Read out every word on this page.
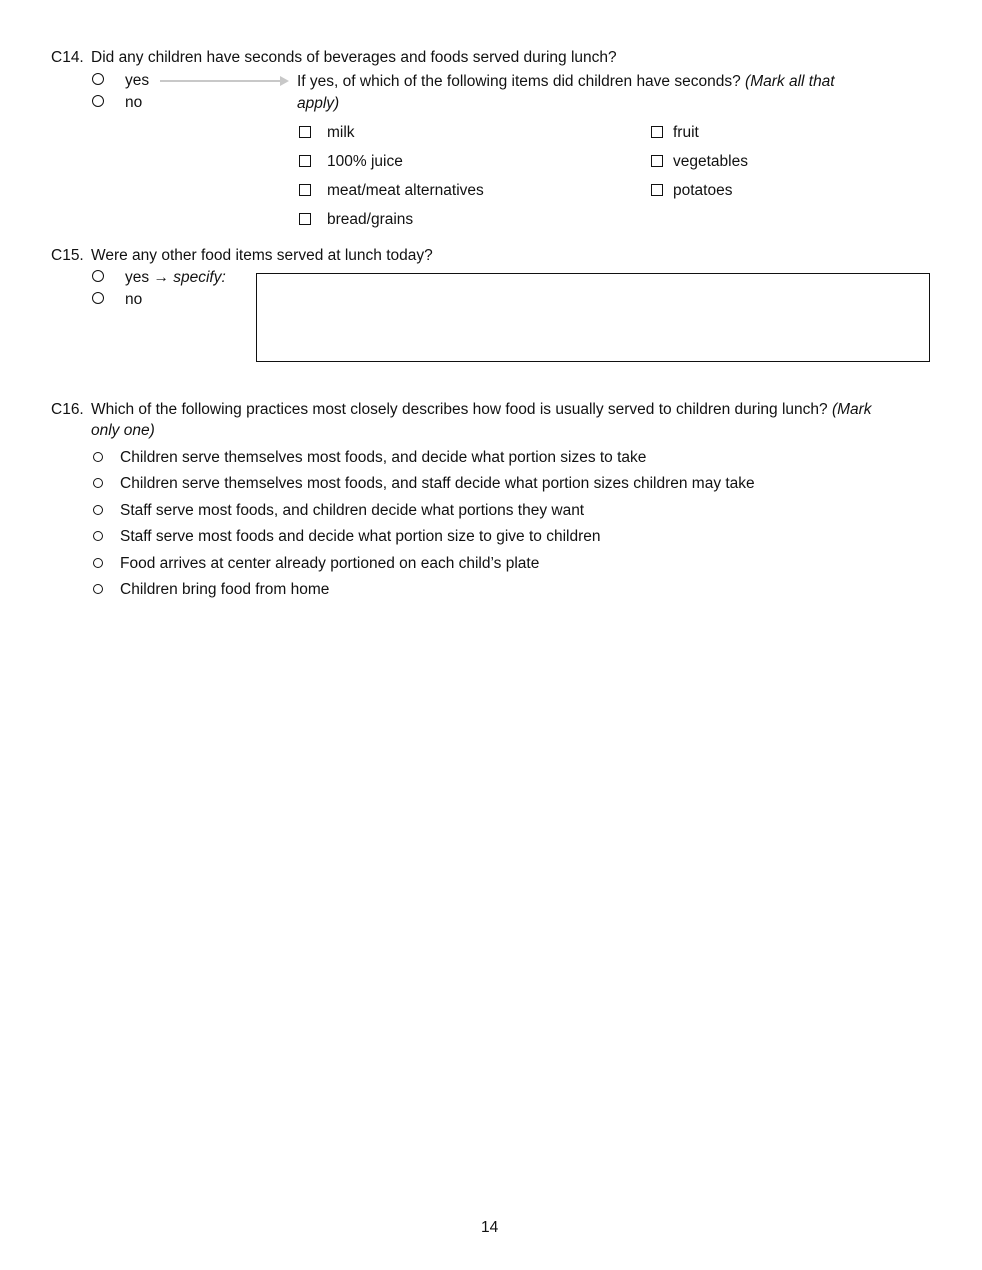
C14. Did any children have seconds of beverages and foods served during lunch?
yes
no
If yes, of which of the following items did children have seconds? (Mark all that
apply)
milk
100% juice
meat/meat alternatives
bread/grains
fruit
vegetables
potatoes
C15. Were any other food items served at lunch today?
yes → specify:
no
C16. Which of the following practices most closely describes how food is usually served to children during lunch? (Mark
only one)
Children serve themselves most foods, and decide what portion sizes to take
Children serve themselves most foods, and staff decide what portion sizes children may take
Staff serve most foods, and children decide what portions they want
Staff serve most foods and decide what portion size to give to children
Food arrives at center already portioned on each child’s plate
Children bring food from home
14
